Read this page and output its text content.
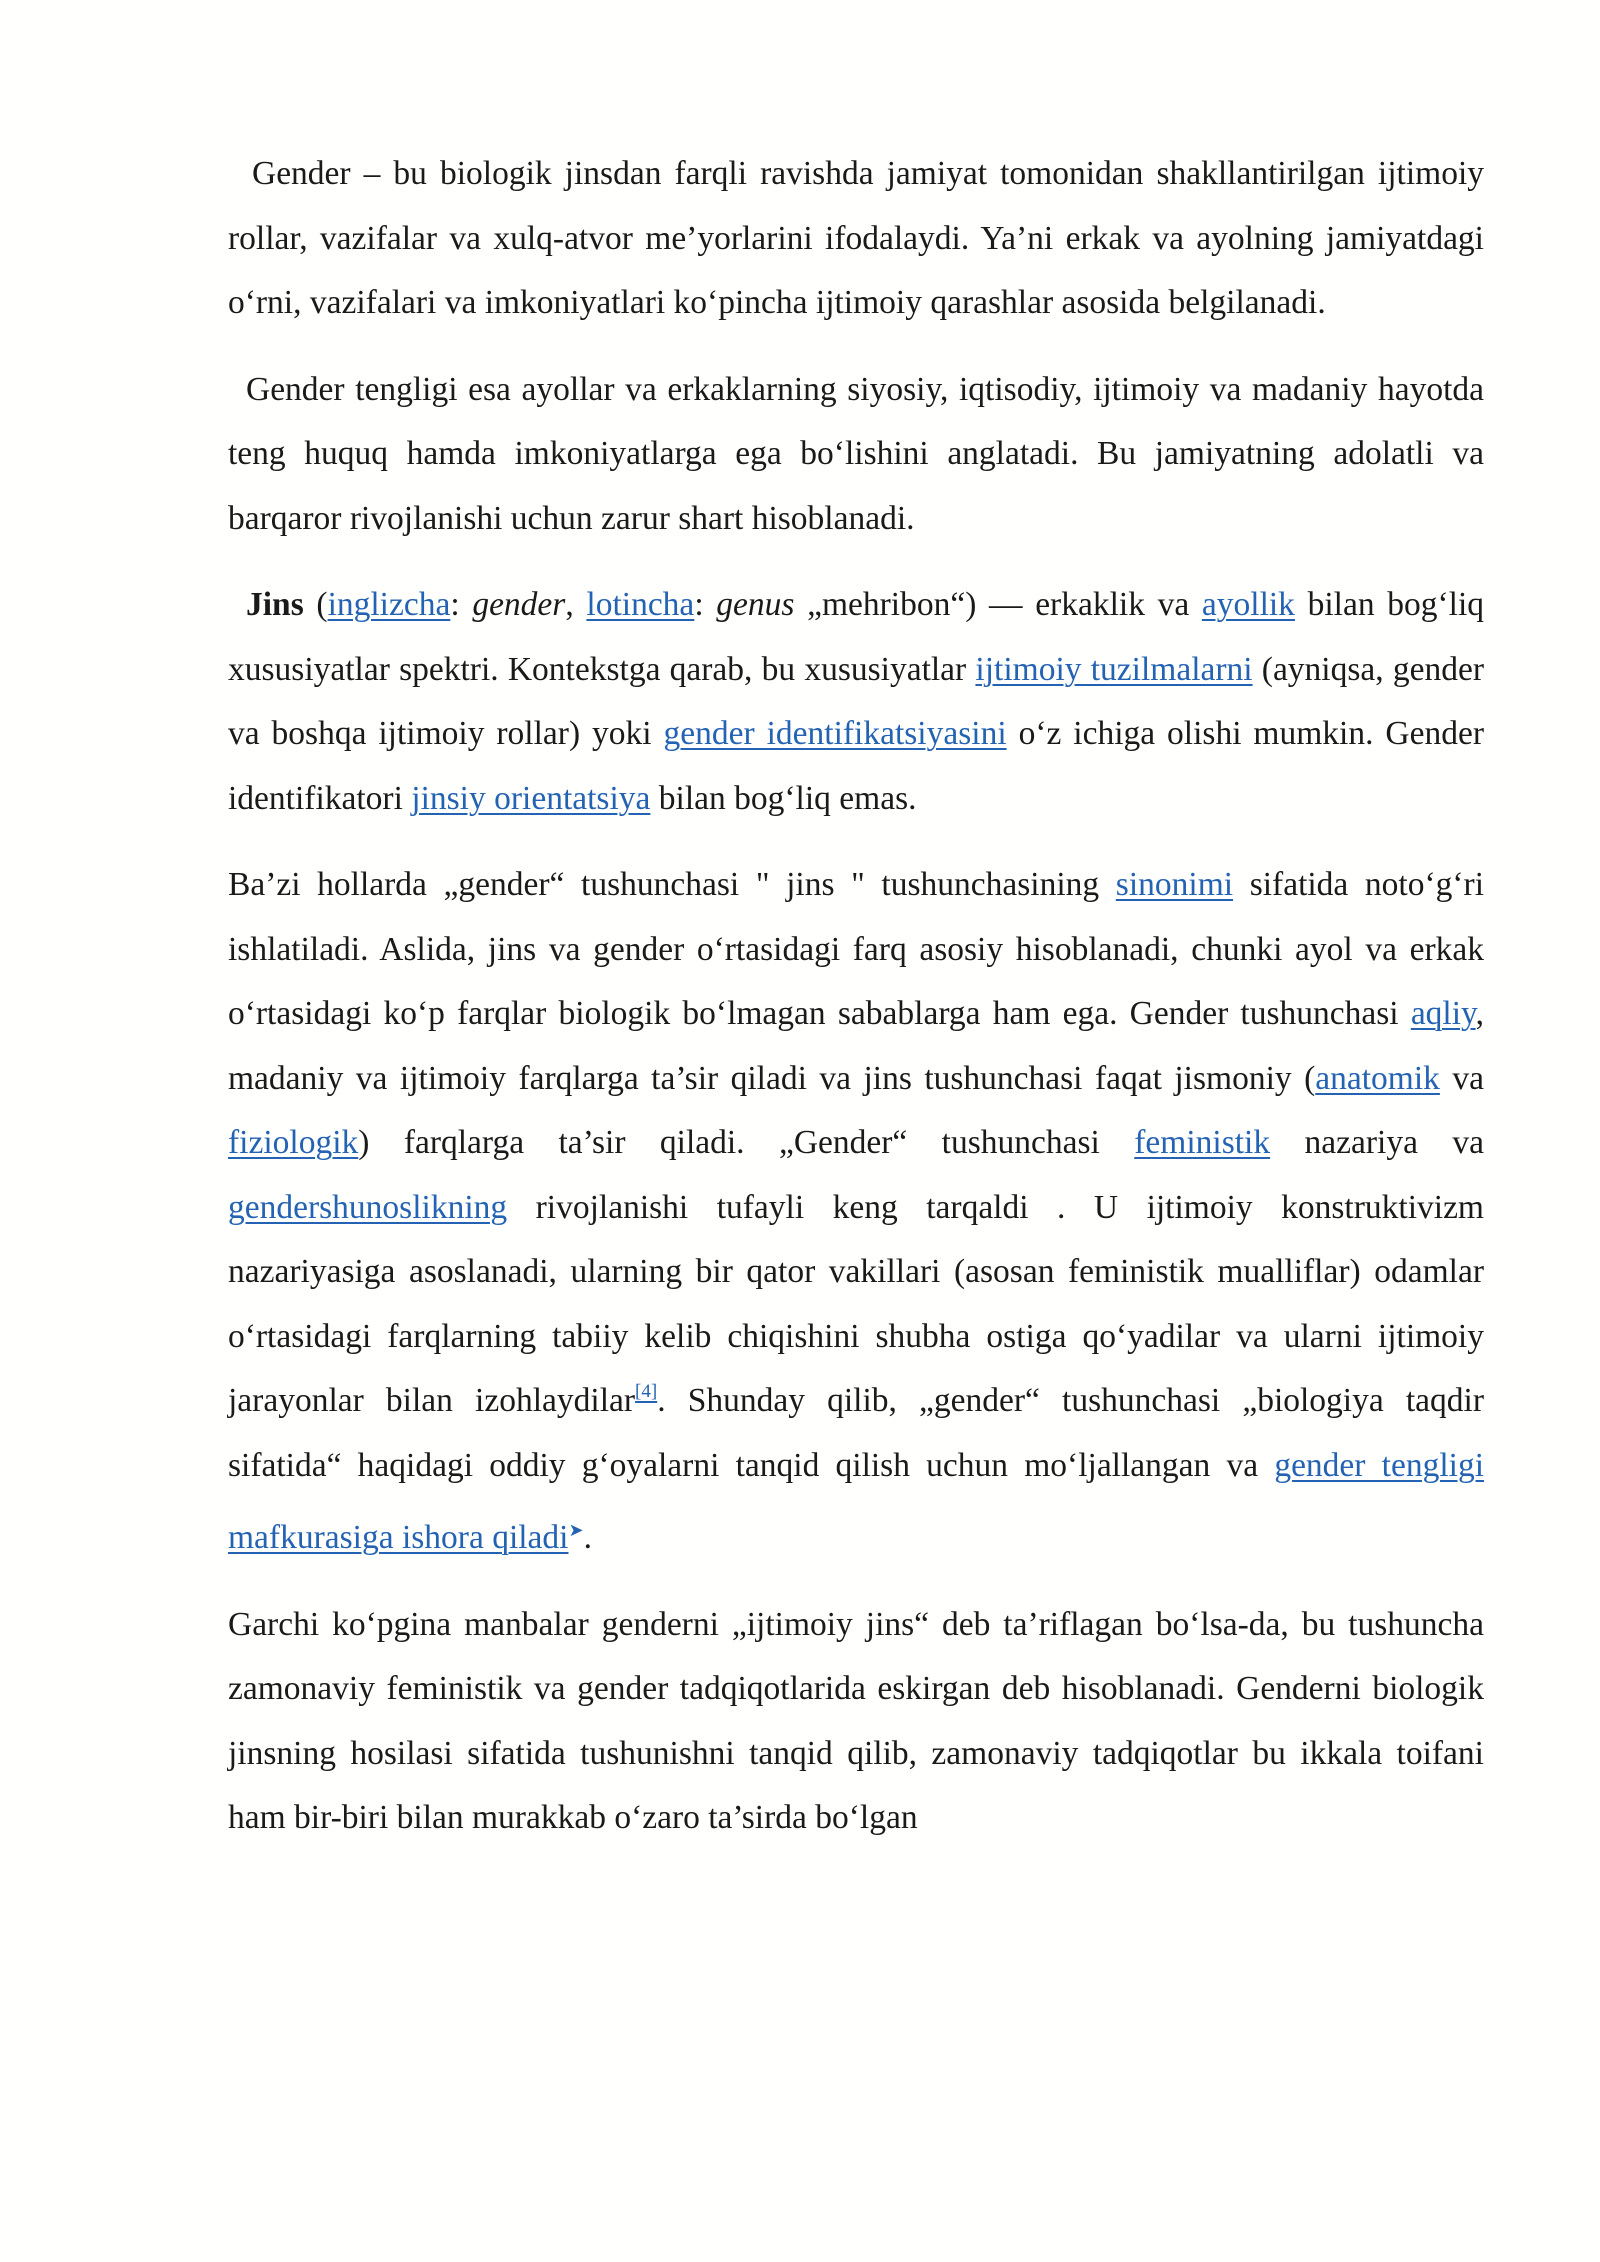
Gender – bu biologik jinsdan farqli ravishda jamiyat tomonidan shakllantirilgan ijtimoiy rollar, vazifalar va xulq-atvor me’yorlarini ifodalaydi. Ya’ni erkak va ayolning jamiyatdagi o‘rni, vazifalari va imkoniyatlari ko‘pincha ijtimoiy qarashlar asosida belgilanadi.

Gender tengligi esa ayollar va erkaklarning siyosiy, iqtisodiy, ijtimoiy va madaniy hayotda teng huquq hamda imkoniyatlarga ega bo‘lishini anglatadi. Bu jamiyatning adolatli va barqaror rivojlanishi uchun zarur shart hisoblanadi.

Jins (inglizcha: gender, lotincha: genus „mehribon“) — erkaklik va ayollik bilan bog‘liq xususiyatlar spektri. Kontekstga qarab, bu xususiyatlar ijtimoiy tuzilmalarni (ayniqsa, gender va boshqa ijtimoiy rollar) yoki gender identifikatsiyasini o‘z ichiga olishi mumkin. Gender identifikatori jinsiy orientatsiya bilan bog‘liq emas.

Ba’zi hollarda „gender“ tushunchasi " jins " tushunchasining sinonimi sifatida noto‘g‘ri ishlatiladi. Aslida, jins va gender o‘rtasidagi farq asosiy hisoblanadi, chunki ayol va erkak o‘rtasidagi ko‘p farqlar biologik bo‘lmagan sabablarga ham ega. Gender tushunchasi aqliy, madaniy va ijtimoiy farqlarga ta’sir qiladi va jins tushunchasi faqat jismoniy (anatomik va fiziologik) farqlarga ta’sir qiladi. „Gender“ tushunchasi feministik nazariya va gendershunoslikning rivojlanishi tufayli keng tarqaldi . U ijtimoiy konstruktivizm nazariyasiga asoslanadi, ularning bir qator vakillari (asosan feministik mualliflar) odamlar o‘rtasidagi farqlarning tabiiy kelib chiqishini shubha ostiga qo‘yadilar va ularni ijtimoiy jarayonlar bilan izohlaydilar[4]. Shunday qilib, „gender“ tushunchasi „biologiya taqdir sifatida“ haqidagi oddiy g‘oyalarni tanqid qilish uchun mo‘ljallangan va gender tengligi mafkurasiga ishora qiladi➤.

Garchi ko‘pgina manbalar genderni „ijtimoiy jins“ deb ta’riflagan bo‘lsa-da, bu tushuncha zamonaviy feministik va gender tadqiqotlarida eskirgan deb hisoblanadi. Genderni biologik jinsning hosilasi sifatida tushunishni tanqid qilib, zamonaviy tadqiqotlar bu ikkala toifani ham bir-biri bilan murakkab o‘zaro ta’sirda bo‘lgan
